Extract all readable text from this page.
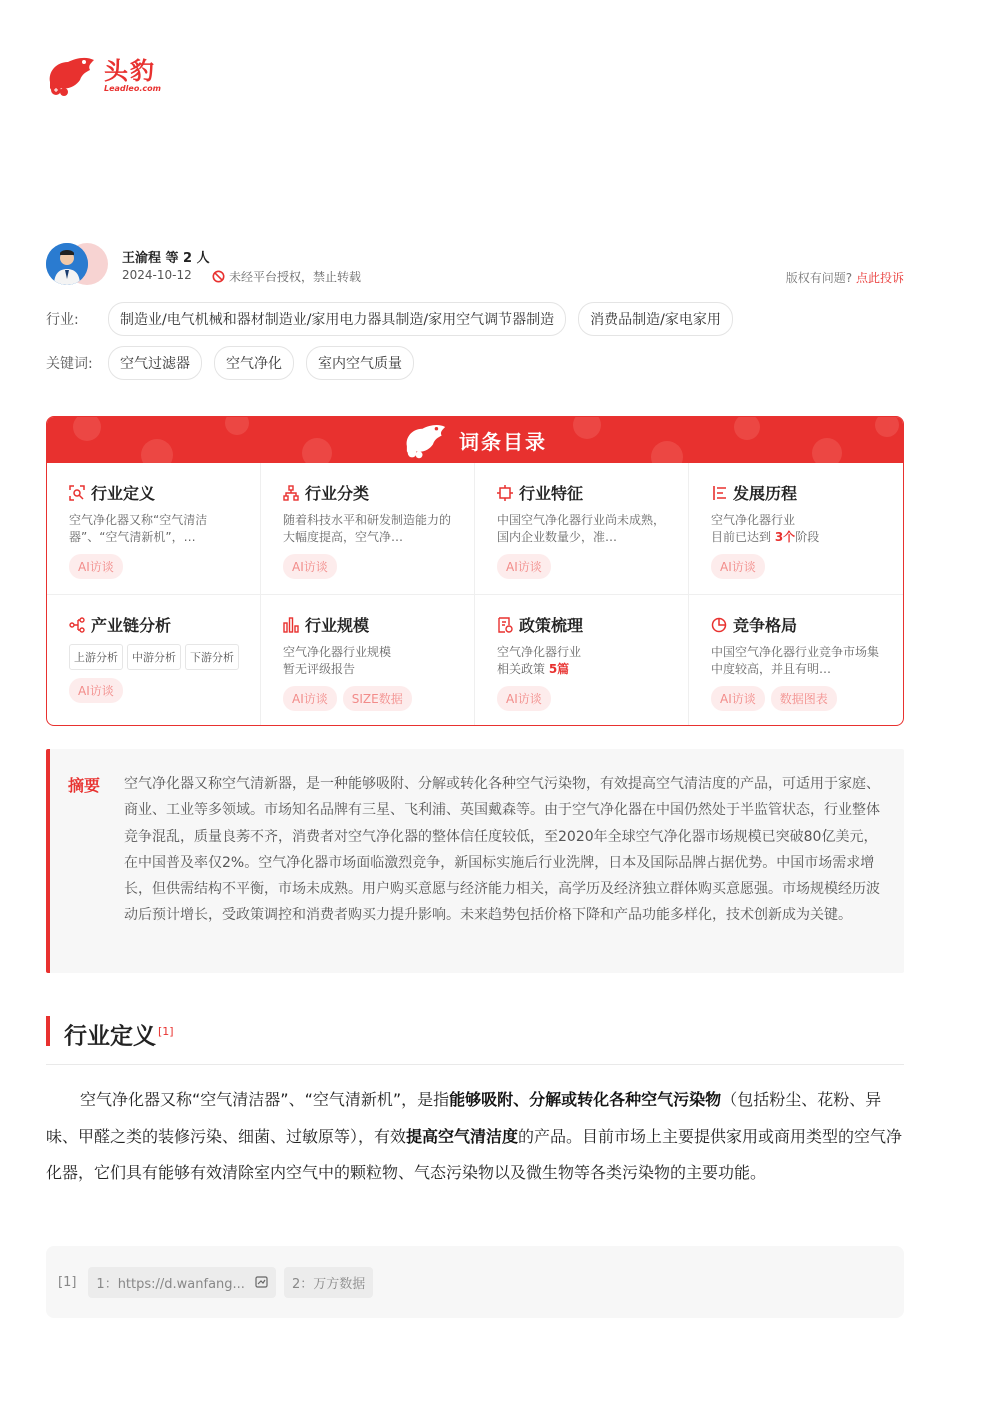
头豹
Leadleo.com
王渝程 等 2 人
2024-10-12	未经平台授权，禁止转载	版权有问题? 点此投诉
行业:	制造业/电气机械和器材制造业/家用电力器具制造/家用空气调节器制造	消费品制造/家电家用
关键词:	空气过滤器	空气净化	室内空气质量
词条目录
行业定义
空气净化器又称“空气清洁器”、“空气清新机”，…
AI访谈
行业分类
随着科技水平和研发制造能力的大幅度提高，空气净…
AI访谈
行业特征
中国空气净化器行业尚未成熟，国内企业数量少，准…
AI访谈
发展历程
空气净化器行业
目前已达到 3个阶段
AI访谈
产业链分析
上游分析	中游分析	下游分析
AI访谈
行业规模
空气净化器行业规模
暂无评级报告
AI访谈 SIZE数据
政策梳理
空气净化器行业
相关政策 5篇
AI访谈
竞争格局
中国空气净化器行业竞争市场集中度较高，并且有明…
AI访谈 数据图表
摘要 空气净化器又称空气清新器，是一种能够吸附、分解或转化各种空气污染物，有效提高空气清洁度的产品，可适用于家庭、商业、工业等多领域。市场知名品牌有三星、飞利浦、英国戴森等。由于空气净化器在中国仍然处于半监管状态，行业整体竞争混乱，质量良莠不齐，消费者对空气净化器的整体信任度较低，至2020年全球空气净化器市场规模已突破80亿美元，在中国普及率仅2%。空气净化器市场面临激烈竞争，新国标实施后行业洗牌，日本及国际品牌占据优势。中国市场需求增长，但供需结构不平衡，市场未成熟。用户购买意愿与经济能力相关，高学历及经济独立群体购买意愿强。市场规模经历波动后预计增长，受政策调控和消费者购买力提升影响。未来趋势包括价格下降和产品功能多样化，技术创新成为关键。
行业定义 [1]
空气净化器又称“空气清洁器”、“空气清新机”，是指能够吸附、分解或转化各种空气污染物（包括粉尘、花粉、异味、甲醛之类的装修污染、细菌、过敏原等），有效提高空气清洁度的产品。目前市场上主要提供家用或商用类型的空气净化器，它们具有能够有效清除室内空气中的颗粒物、气态污染物以及微生物等各类污染物的主要功能。
[1] 1：https://d.wanfang...	2：万方数据
